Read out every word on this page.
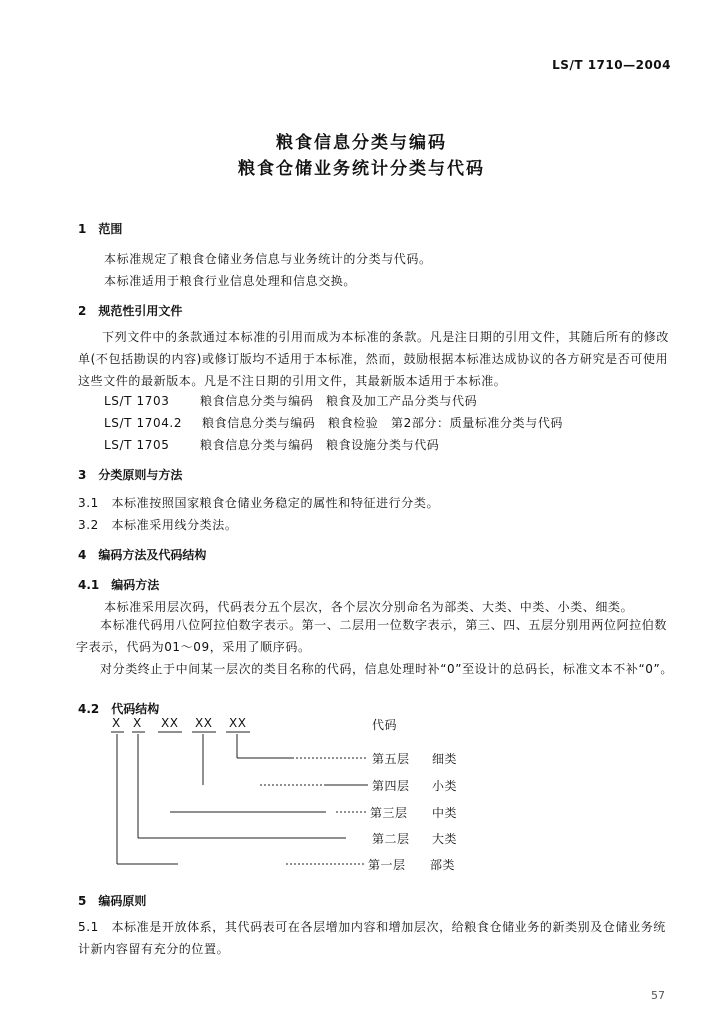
LS/T 1710—2004
粮食信息分类与编码
粮食仓储业务统计分类与代码
1　范围
本标准规定了粮食仓储业务信息与业务统计的分类与代码。
本标准适用于粮食行业信息处理和信息交换。
2　规范性引用文件
下列文件中的条款通过本标准的引用而成为本标准的条款。凡是注日期的引用文件，其随后所有的修改单(不包括勘误的内容)或修订版均不适用于本标准，然而，鼓励根据本标准达成协议的各方研究是否可使用这些文件的最新版本。凡是不注日期的引用文件，其最新版本适用于本标准。
LS/T 1703	粮食信息分类与编码　粮食及加工产品分类与代码
LS/T 1704.2 粮食信息分类与编码　粮食检验　第2部分：质量标准分类与代码
LS/T 1705	粮食信息分类与编码　粮食设施分类与代码
3　分类原则与方法
3.1　本标准按照国家粮食仓储业务稳定的属性和特征进行分类。
3.2　本标准采用线分类法。
4　编码方法及代码结构
4.1　编码方法
本标准采用层次码，代码表分五个层次，各个层次分别命名为部类、大类、中类、小类、细类。
本标准代码用八位阿拉伯数字表示。第一、二层用一位数字表示，第三、四、五层分别用两位阿拉伯数字表示，代码为01～09，采用了顺序码。
对分类终止于中间某一层次的类目名称的代码，信息处理时补“0”至设计的总码长，标准文本不补“0”。
4.2　代码结构
X X XX XX XX	代码
第五层 细类
第四层 小类
第三层 中类
第二层 大类
第一层 部类
5　编码原则
5.1　本标准是开放体系，其代码表可在各层增加内容和增加层次，给粮食仓储业务的新类别及仓储业务统计新内容留有充分的位置。
57
